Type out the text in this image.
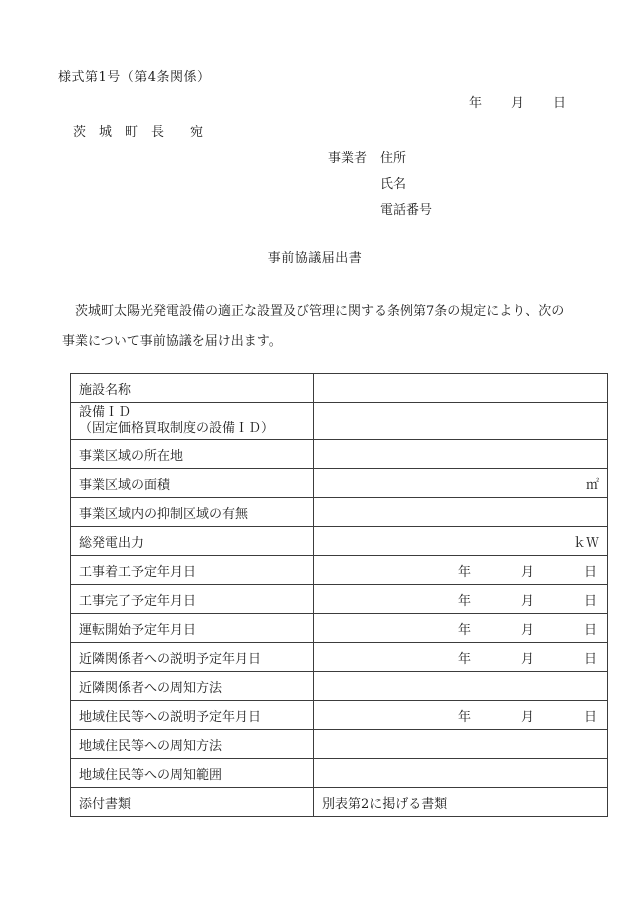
様式第1号（第4条関係）
年 月 日
茨　城　町　長　　宛
事業者 住所
氏名
電話番号
事前協議届出書
　茨城町太陽光発電設備の適正な設置及び管理に関する条例第7条の規定により、次の
事業について事前協議を届け出ます。
施設名称	

設備ＩＤ
（固定価格買取制度の設備ＩＤ）	

事業区域の所在地	
事業区域の面積	㎡
事業区域内の抑制区域の有無	
総発電出力	ｋＷ
工事着工予定年月日	年 月 日

工事完了予定年月日	年 月 日

運転開始予定年月日	年 月 日

近隣関係者への説明予定年月日	年 月 日

近隣関係者への周知方法	
地域住民等への説明予定年月日	年 月 日

地域住民等への周知方法	
地域住民等への周知範囲	
添付書類	別表第2に掲げる書類
